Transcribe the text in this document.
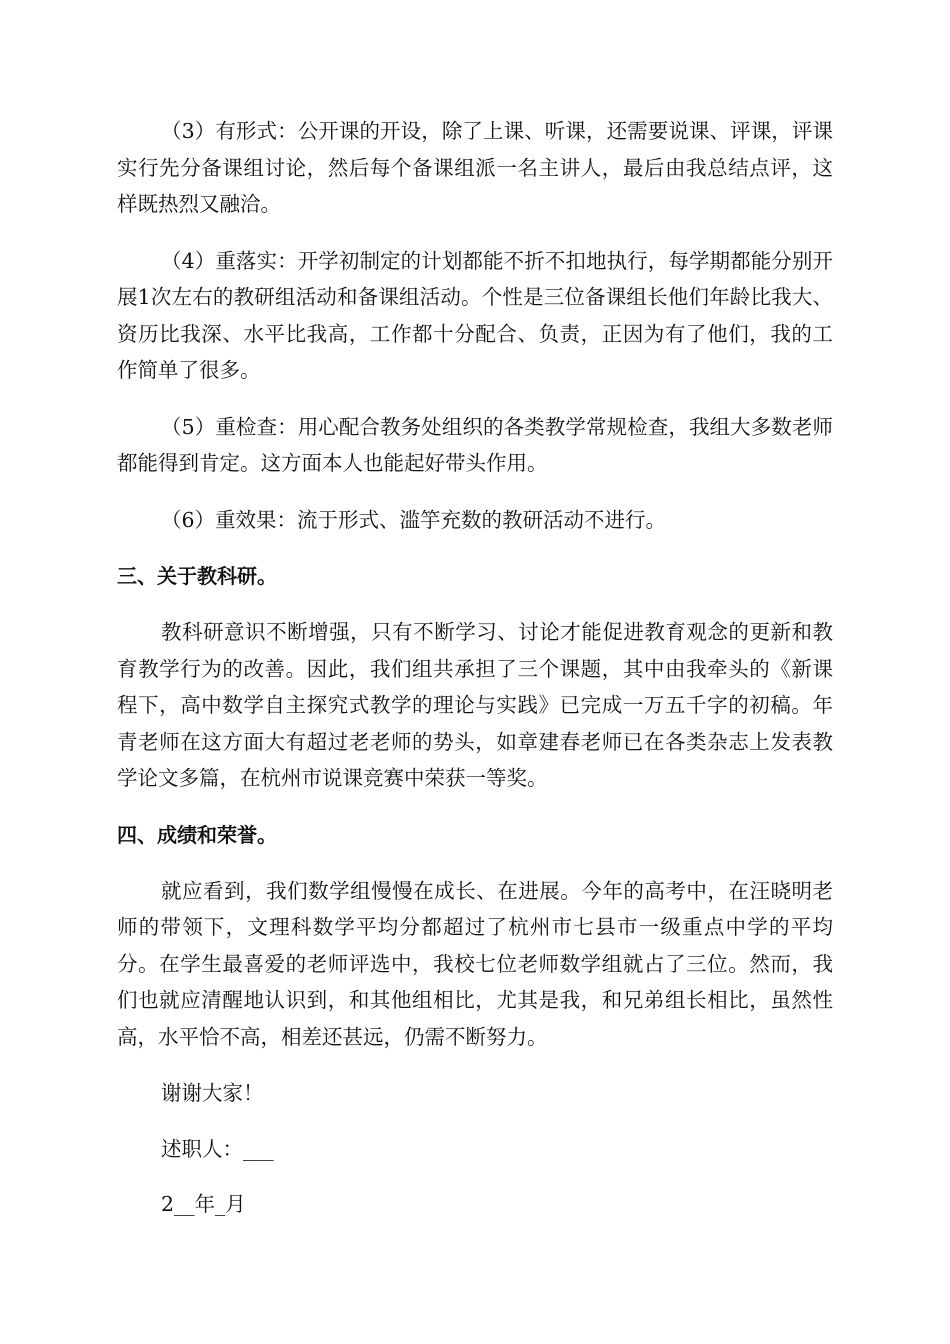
（3）有形式：公开课的开设，除了上课、听课，还需要说课、评课，评课实行先分备课组讨论，然后每个备课组派一名主讲人，最后由我总结点评，这样既热烈又融洽。

（4）重落实：开学初制定的计划都能不折不扣地执行，每学期都能分别开展1次左右的教研组活动和备课组活动。个性是三位备课组长他们年龄比我大、资历比我深、水平比我高，工作都十分配合、负责，正因为有了他们，我的工作简单了很多。

（5）重检查：用心配合教务处组织的各类教学常规检查，我组大多数老师都能得到肯定。这方面本人也能起好带头作用。

（6）重效果：流于形式、滥竽充数的教研活动不进行。

三、关于教科研。

教科研意识不断增强，只有不断学习、讨论才能促进教育观念的更新和教育教学行为的改善。因此，我们组共承担了三个课题，其中由我牵头的《新课程下，高中数学自主探究式教学的理论与实践》已完成一万五千字的初稿。年青老师在这方面大有超过老老师的势头，如章建春老师已在各类杂志上发表教学论文多篇，在杭州市说课竞赛中荣获一等奖。

四、成绩和荣誉。

就应看到，我们数学组慢慢在成长、在进展。今年的高考中，在汪晓明老师的带领下，文理科数学平均分都超过了杭州市七县市一级重点中学的平均分。在学生最喜爱的老师评选中，我校七位老师数学组就占了三位。然而，我们也就应清醒地认识到，和其他组相比，尤其是我，和兄弟组长相比，虽然性高，水平恰不高，相差还甚远，仍需不断努力。

谢谢大家！

述职人：___

2__年_月
